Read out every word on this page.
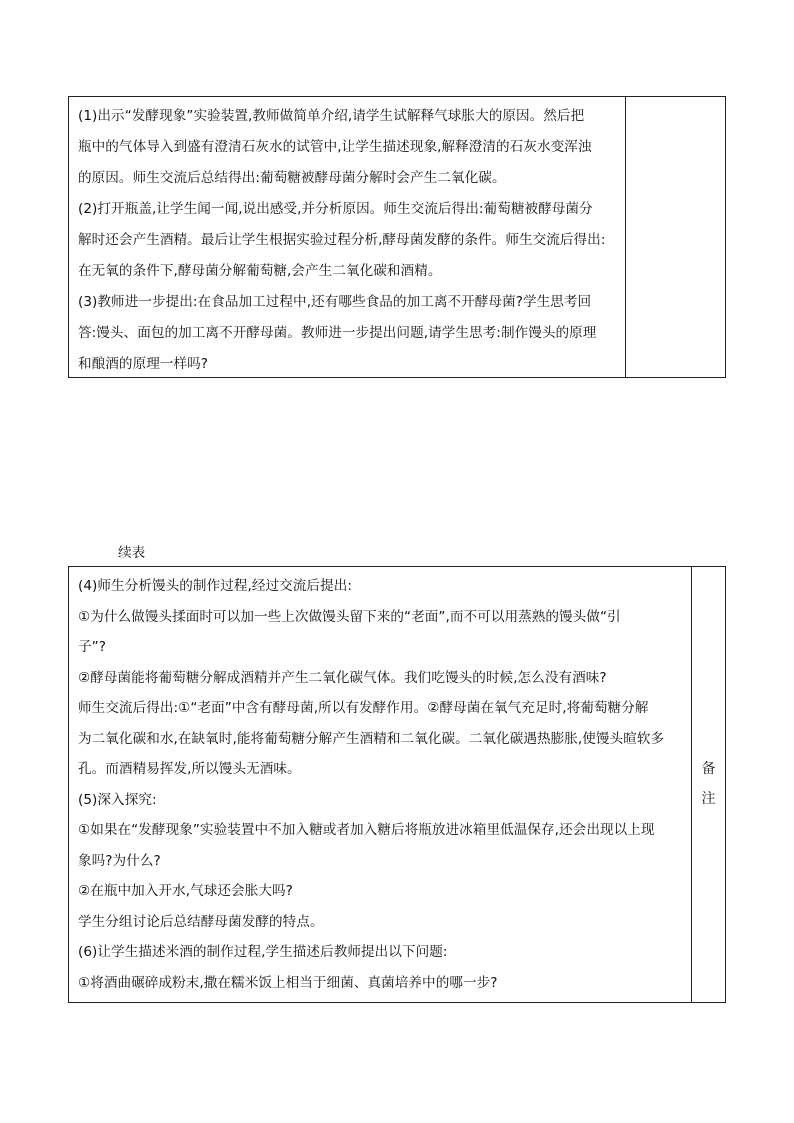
(1)出示“发酵现象”实验装置,教师做简单介绍,请学生试解释气球胀大的原因。然后把

瓶中的气体导入到盛有澄清石灰水的试管中,让学生描述现象,解释澄清的石灰水变浑浊

的原因。师生交流后总结得出:葡萄糖被酵母菌分解时会产生二氧化碳。

(2)打开瓶盖,让学生闻一闻,说出感受,并分析原因。师生交流后得出:葡萄糖被酵母菌分

解时还会产生酒精。最后让学生根据实验过程分析,酵母菌发酵的条件。师生交流后得出:

在无氧的条件下,酵母菌分解葡萄糖,会产生二氧化碳和酒精。

(3)教师进一步提出:在食品加工过程中,还有哪些食品的加工离不开酵母菌?学生思考回

答:馒头、面包的加工离不开酵母菌。教师进一步提出问题,请学生思考:制作馒头的原理

和酿酒的原理一样吗?

续表

(4)师生分析馒头的制作过程,经过交流后提出:

①为什么做馒头揉面时可以加一些上次做馒头留下来的“老面”,而不可以用蒸熟的馒头做“引

子”?

②酵母菌能将葡萄糖分解成酒精并产生二氧化碳气体。我们吃馒头的时候,怎么没有酒味?

师生交流后得出:①“老面”中含有酵母菌,所以有发酵作用。②酵母菌在氧气充足时,将葡萄糖分解

为二氧化碳和水,在缺氧时,能将葡萄糖分解产生酒精和二氧化碳。二氧化碳遇热膨胀,使馒头暄软多

孔。而酒精易挥发,所以馒头无酒味。

(5)深入探究:

①如果在“发酵现象”实验装置中不加入糖或者加入糖后将瓶放进冰箱里低温保存,还会出现以上现

象吗?为什么?

②在瓶中加入开水,气球还会胀大吗?

学生分组讨论后总结酵母菌发酵的特点。

(6)让学生描述米酒的制作过程,学生描述后教师提出以下问题:

①将酒曲碾碎成粉末,撒在糯米饭上相当于细菌、真菌培养中的哪一步?

备
注
